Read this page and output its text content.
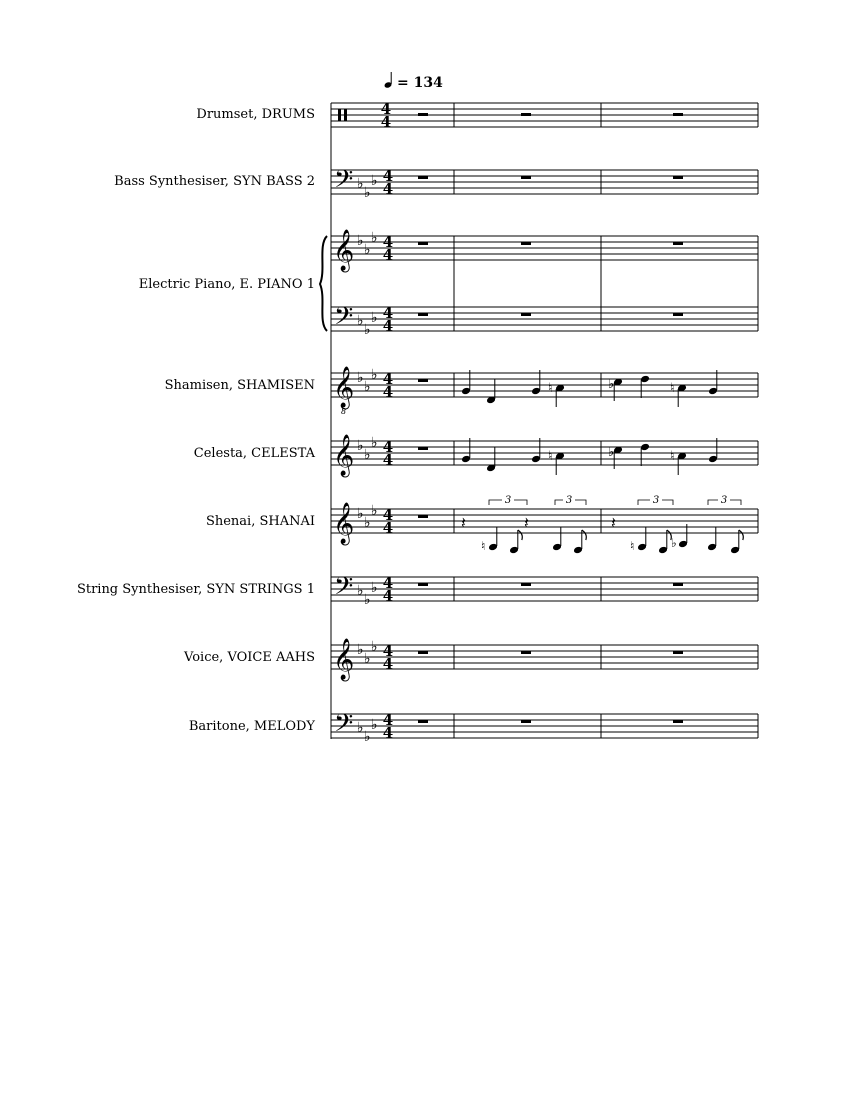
= 134
Drumset, DRUMS	4
4
Bass Synthesiser, SYN BASS 2 𝄢 ♭
♭
♭ 4
4
Electric Piano, E. PIANO 1
𝄞 ♭
♭
♭ 4
4
𝄢 ♭
♭
♭ 4
4
Shamisen, SHAMISEN 𝄞
8
♭
♭
♭ 4
4	♮	♭	♮
Celesta, CELESTA 𝄞 ♭
♭
♭ 4
4	♮	♭	♮
Shenai, SHANAI 𝄞 ♭
♭
♭ 4
4	𝄽
3
♮
𝄽
3
𝄽
3
♮	♭
3
String Synthesiser, SYN STRINGS 1 𝄢 ♭
♭
♭ 4
4
Voice, VOICE AAHS 𝄞 ♭
♭
♭ 4
4
Baritone, MELODY 𝄢 ♭
♭
♭ 4
4
